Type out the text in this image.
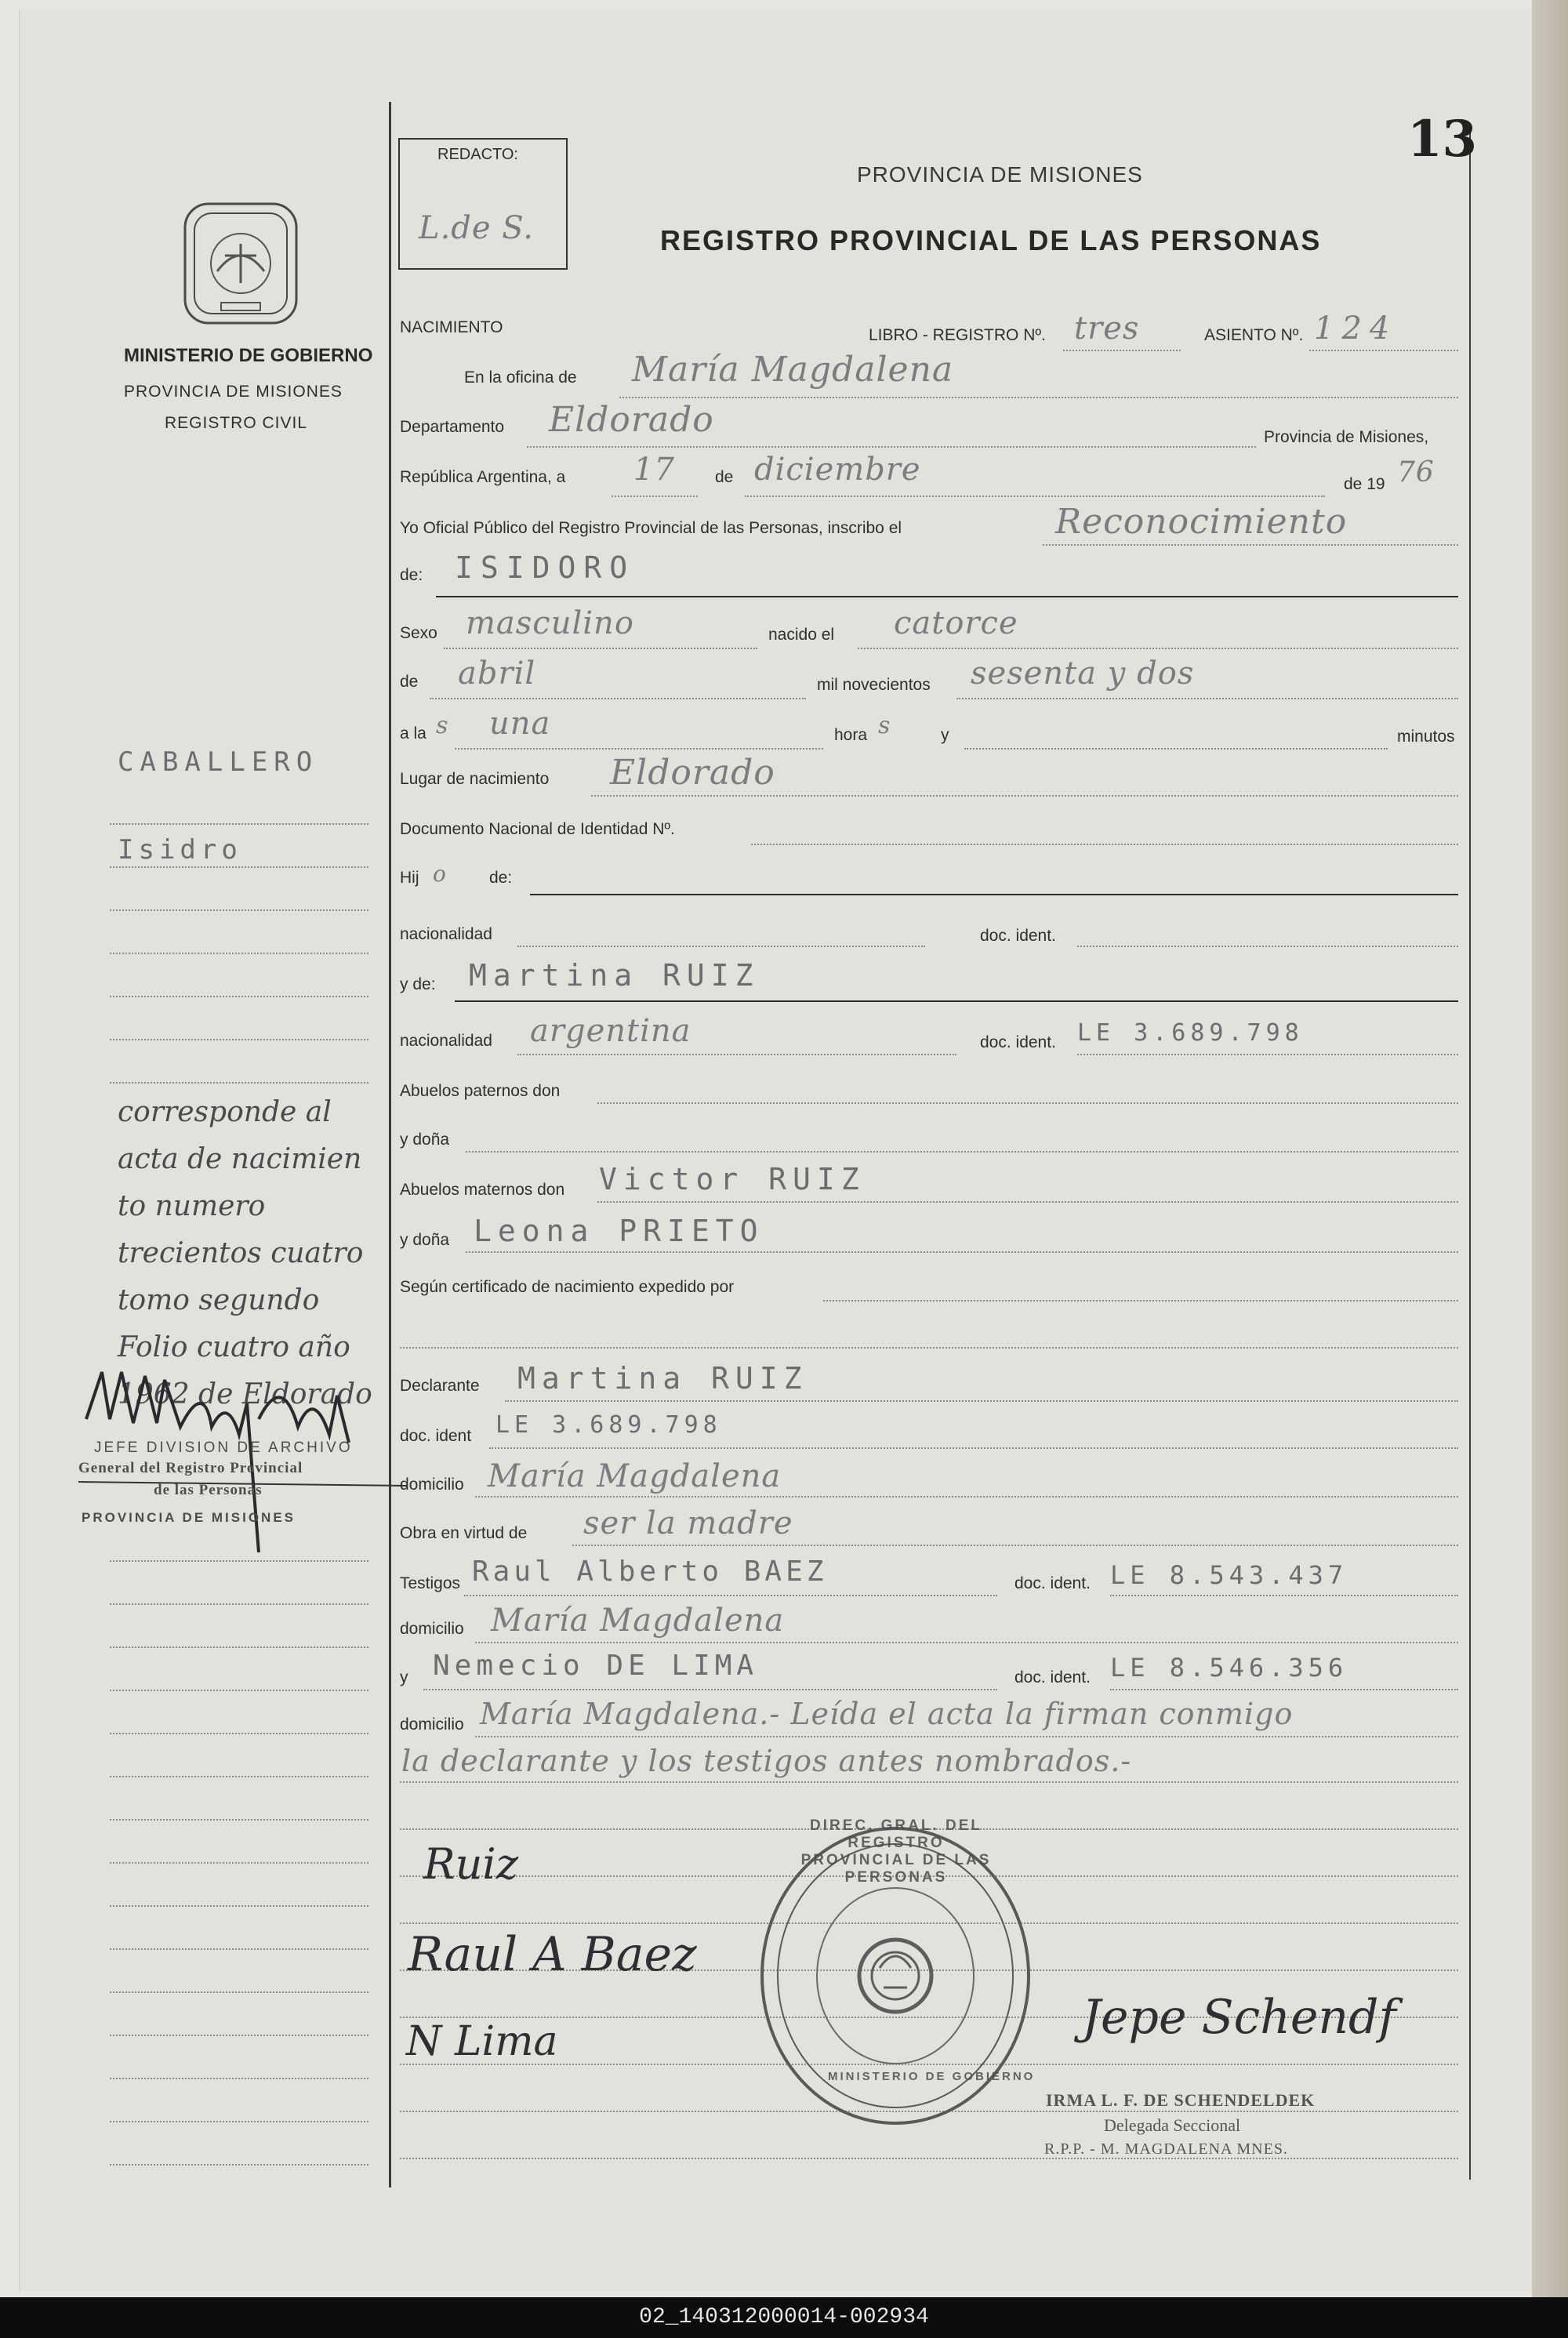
13
MINISTERIO DE GOBIERNO
PROVINCIA DE MISIONES
REGISTRO CIVIL
REDACTO:
L.de S.
PROVINCIA DE MISIONES
REGISTRO PROVINCIAL DE LAS PERSONAS
CABALLERO
Isidro
corresponde al
acta de nacimien
to numero
trecientos cuatro
tomo segundo
Folio cuatro año
1962 de Eldorado
JEFE DIVISION DE ARCHIVO
General del Registro Provincial
de las Personas
PROVINCIA DE MISIONES
NACIMIENTO	LIBRO - REGISTRO Nº. tres	ASIENTO Nº. 124
En la oficina de María Magdalena
Departamento Eldorado	Provincia de Misiones,
República Argentina, a 17 de diciembre	de 19 76
Yo Oficial Público del Registro Provincial de las Personas, inscribo el	Reconocimiento
de: ISIDORO
Sexo masculino	nacido el catorce
de abril	mil novecientos sesenta y dos
a la s una	hora s	y	minutos
Lugar de nacimiento Eldorado
Documento Nacional de Identidad Nº.
Hij o	de:
nacionalidad	doc. ident.
y de: Martina RUIZ
nacionalidad argentina	doc. ident. LE 3.689.798
Abuelos paternos don
y doña
Abuelos maternos don Victor RUIZ
y doña Leona PRIETO
Según certificado de nacimiento expedido por
Declarante Martina RUIZ
doc. ident LE 3.689.798
domicilio María Magdalena
Obra en virtud de ser la madre
Testigos Raul Alberto BAEZ	doc. ident. LE 8.543.437
domicilio María Magdalena
y Nemecio DE LIMA	doc. ident. LE 8.546.356
domicilio María Magdalena.- Leída el acta la firman conmigo
la declarante y los testigos antes nombrados.-
Ruiz
Raul A Baez
N Lima	Jepe Schendf
DIREC. GRAL. DEL REGISTRO PROVINCIAL DE LAS PERSONAS
MINISTERIO DE GOBIERNO
IRMA L. F. DE SCHENDELDEK
Delegada Seccional
R.P.P. - M. MAGDALENA MNES.
02_140312000014-002934
